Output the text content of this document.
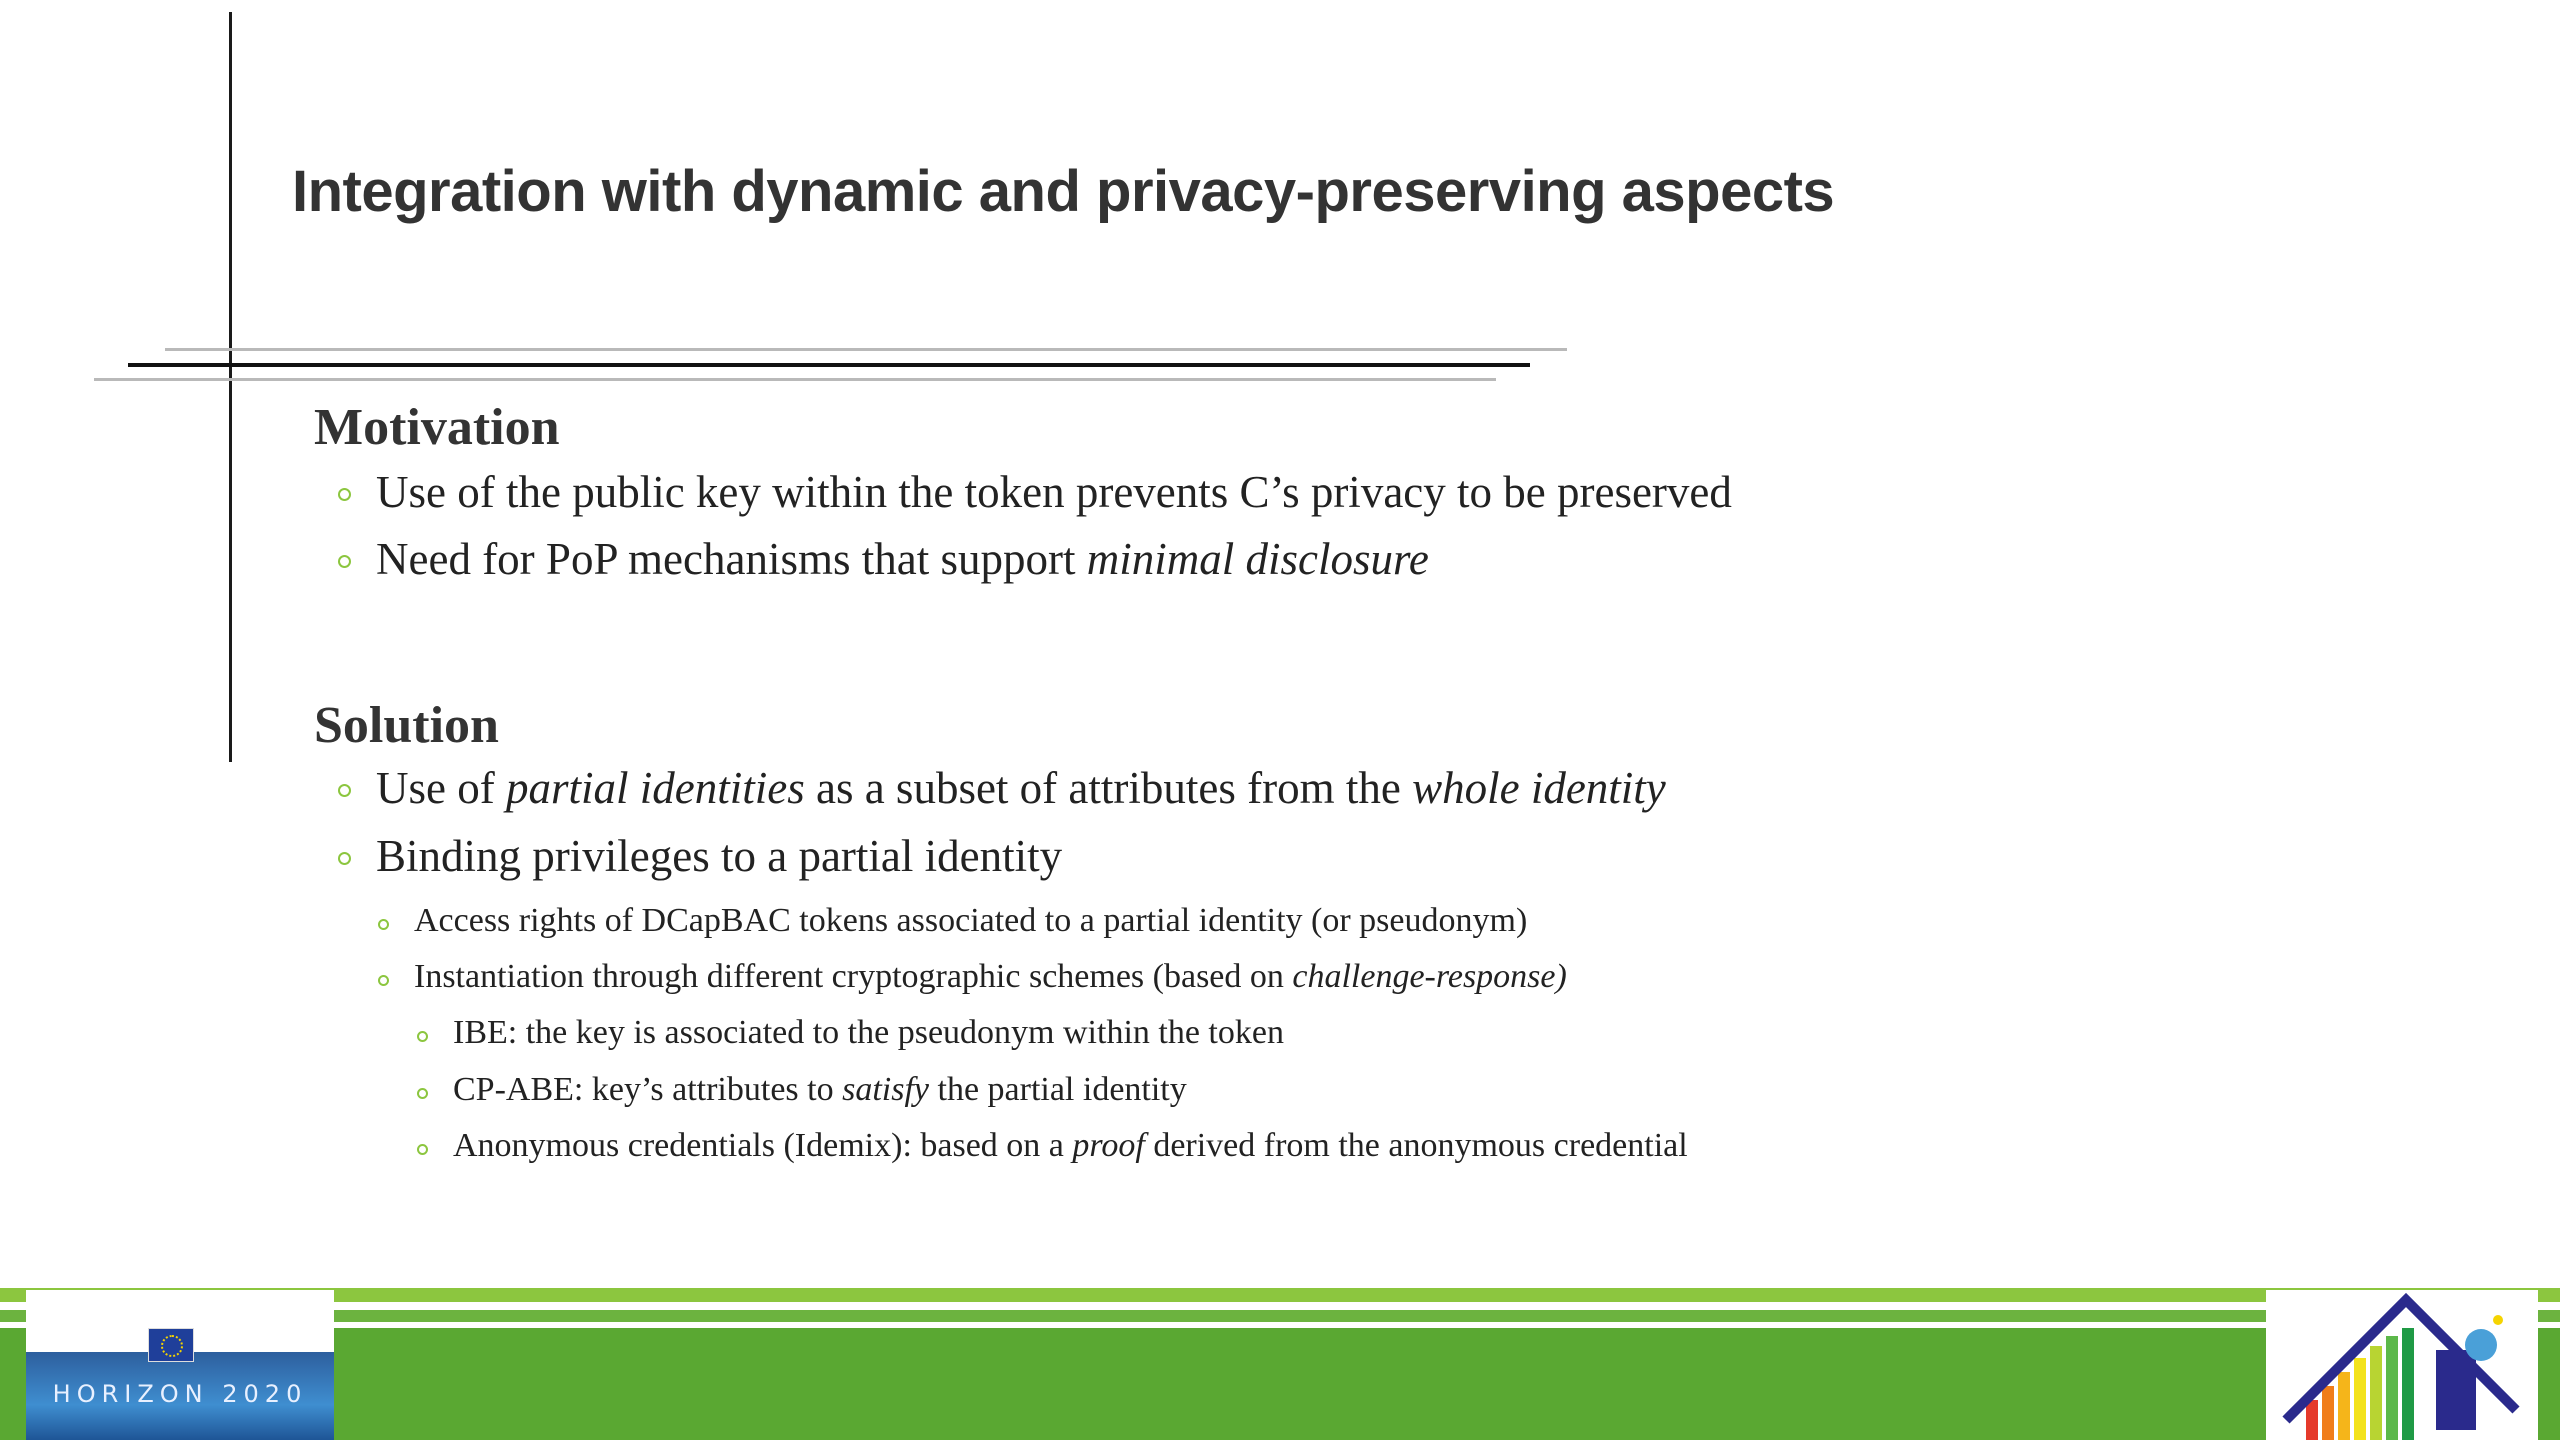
Integration with dynamic and privacy-preserving aspects
Motivation
Use of the public key within the token prevents C’s privacy to be preserved
Need for PoP mechanisms that support minimal disclosure
Solution
Use of partial identities as a subset of attributes from the whole identity
Binding privileges to a partial identity
Access rights of DCapBAC tokens associated to a partial identity (or pseudonym)
Instantiation through different cryptographic schemes (based on challenge-response)
IBE: the key is associated to the pseudonym within the token
CP-ABE: key’s attributes to satisfy the partial identity
Anonymous credentials (Idemix): based on a proof derived from the anonymous credential
HORIZON 2020
